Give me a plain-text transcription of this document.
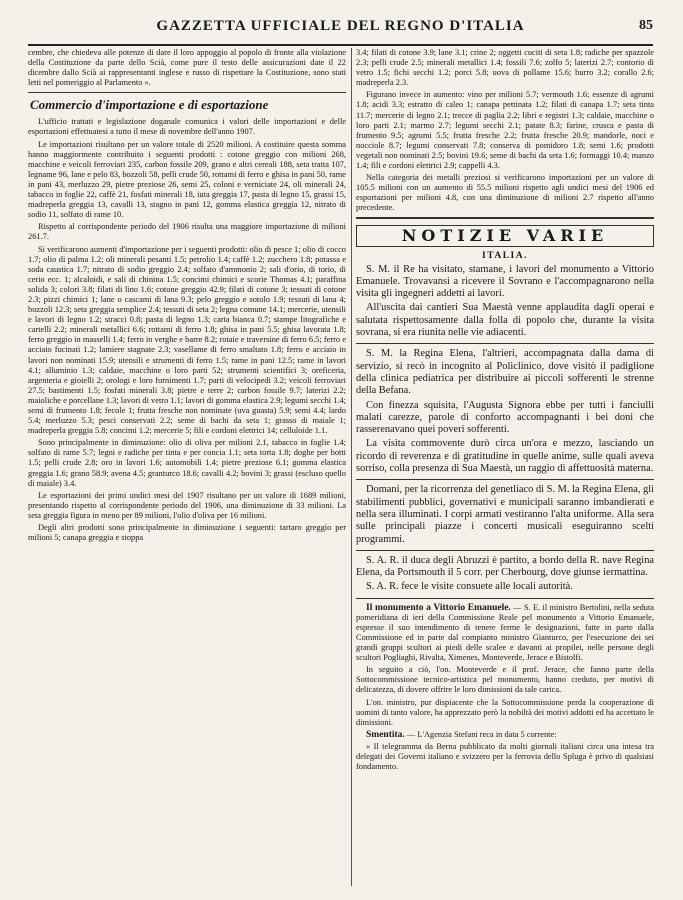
GAZZETTA UFFICIALE DEL REGNO D'ITALIA	85

cembre, che chiedeva alle potenze di dare il loro appoggio al popolo di fronte alla violazione della Costituzione da parte dello Scià, come pure il testo delle assicurazioni date il 22 dicembre dallo Scià ai rappresentanti inglese e russo di rispettare la Costituzione, sono stati letti nel pomeriggio al Parlamento ».

Commercio d'importazione e di esportazione

L'ufficio trattati e legislazione doganale comunica i valori delle importazioni e delle esportazioni effettuatesi a tutto il mese di novembre dell'anno 1907.

Le importazioni risultano per un valore totale di 2520 milioni. A costituire questa somma hanno maggiormente contribuito i seguenti prodotti : cotone greggio con milioni 268, macchine e veicoli ferroviari 235, carbon fossile 209, grano e altri cereali 188, seta tratta 107, legname 96, lane e pelo 83, bozzoli 58, pelli crude 50, rottami di ferro e ghisa in pani 50, rame in pani 43, merluzzo 29, pietre preziose 26, semi 25, coloni e verniciate 24, oli minerali 24, tabacco in foglie 22, caffè 21, fosfati minerali 18, iuta greggia 17, pasta di legno 15, grassi 15, madreperla greggia 13, cavalli 13, stagno in pani 12, gomma elastica greggia 12, nitrato di sodio 11, solfato di rame 10.

Rispetto al corrispondente periodo del 1906 risulta una maggiore importazione di milioni 261.7.

Si verificarono aumenti d'importazione per i seguenti prodotti: olio di pesce 1; olio di cocco 1.7; olio di palma 1.2; oli minerali pesanti 1.5; petrolio 1.4; caffè 1.2; zucchero 1.8; potassa e soda caustica 1.7; nitrato di sodio greggio 2.4; solfato d'ammonio 2; sali d'orio, di torio, di cerio ecc. 1; alcaloidi, e sali di chinina 1.5; concimi chimici e scorie Thomas 4.1; paraffina solida 3; colori 3.8; filati di lino 1.6; cotone greggio 42.9; filati di cotone 3; tessuti di cotone 2.3; pizzi chimici 1; lane o cascami di lana 9.3; pelo greggio e sotolo 1.9; tessuti di lana 4; bozzoli 12.3; seta greggia semplice 2.4; tessuti di seta 2; legna comune 14.1; mercerie, utensili e lavori di legno 1.2; stracci 0.8; pasta di legno 1.3; carta bianca 0.7; stampe litografiche e cartelli 2.2; minerali metallici 6.6; rottami di ferro 1.8; ghisa in pani 5.5; ghisa lavorata 1.8; ferro greggio in masselli 1.4; ferro in verghe e barre 8.2; rotaie e traversine di ferro 6.5; ferro e acciaio fucinati 1.2; lamiere stagnate 2.3; vasellame di ferro smaltato 1.8; ferro e acciaio in lavori non nominati 15.9; utensili e strumenti di ferro 1.5; rame in pani 12.5; rame in lavori 4.1; alluminio 1.3; caldaie, macchine o loro parti 52; strumenti scientifici 3; oreficeria, argenteria e gioielli 2; orologi e loro fornimenti 1.7; parti di velocipedi 3.2; veicoli ferroviari 27.5; bastimenti 1.5; fosfati minerali 3.8; pietre e terre 2; carbon fossile 9.7; laterizi 2.2; maioliche e porcellane 1.3; lavori di vetro 1.1; lavori di gomma elastica 2.9; legumi secchi 1.4; semi di frumento 1.8; fecole 1; frutta fresche non nominate (uva guasta) 5.9; semi 4.4; lardo 5.4; merluzzo 5.3; pesci conservati 2.2; seme di bachi da seta 1; grasso di maiale 1; madreperla greggia 5.8; concimi 1.2; mercerie 5; fili e cordoni elettrici 14; celluloide 1.1.

Sono principalmente in diminuzione: olio di oliva per milioni 2.1, tabacco in foglie 1.4; solfato di rame 5.7; legni e radiche per tinta e per concia 1.1; seta torta 1.8; doghe per botti 1.5; pelli crude 2.8; oro in lavori 1.6; automobili 1.4; pietre preziose 6.1; gomma elastica greggia 1.6; grano 58.9; avena 4.5; granturco 18.6; cavalli 4.2; bovini 3; grassi (escluso quello di maiale) 3.4.

Le esportazioni dei primi undici mesi del 1907 risultano per un valore di 1689 milioni, presentando rispetto al corrispondente periodo del 1906, una diminuzione di 33 milioni. La seta greggia figura in meno per 89 milioni, l'olio d'oliva per 16 milioni.

Degli altri prodotti sono principalmente in diminuzione i seguenti: tartaro greggio per milioni 5; canapa greggia e stoppa

3.4; filati di cotone 3.9; lane 3.1; crine 2; oggetti cuciti di seta 1.8; radiche per spazzole 2.3; pelli crude 2.5; minerali metallici 1.4; fossili 7.6; zolfo 5; laterizi 2.7; contorio di vetro 1.5; fichi secchi 1.2; porci 5.8; uova di pollame 15.6; burro 3.2; corallo 2.6; madreperla 2.3.

Figurano invece in aumento: vino per milioni 5.7; vermouth 1.6; essenze di agrumi 1.8; acidi 3.3; estratto di caleo 1; canapa pettinata 1.2; filati di canapa 1.7; seta tinta 11.7; mercerie di legno 2.1; trecce di paglia 2.2; libri e registri 1.3; caldaie, macchine o loro parti 2.1; marmo 2.7; legumi secchi 2.1; patate 8.3; farine, crusca e pasta di frumento 9.5; agrumi 5.5; frutta fresche 2.2; frutta fresche 20.9; mandorle, noci e nocciole 8.7; legumi conservati 7.8; conserva di pomidoro 1.8; semi 1.6; prodotti vegetali non nominati 2.5; bovini 19.6; seme di bachi da seta 1.6; formaggi 10.4; manzo 1.4; fili e cordoni elettrici 2.9; cappelli 4.3.

Nella categoria dei metalli preziosi si verificarono importazioni per un valore di 105.5 milioni con un aumento di 55.5 milioni rispetto agli undici mesi del 1906 ed esportazioni per milioni 4.8, con una diminuzione di milioni 2.7 rispetto all'anno precedente.

NOTIZIE VARIE
ITALIA.

S. M. il Re ha visitato, stamane, i lavori del monumento a Vittorio Emanuele. Trovavansi a ricevere il Sovrano e l'accompagnarono nella visita gli ingegneri addetti ai lavori.

All'uscita dai cantieri Sua Maestà venne applaudita dagli operai e salutata rispettosamente dalla folla di popolo che, durante la visita sovrana, si era riunita nelle vie adiacenti.

S. M. la Regina Elena, l'altrieri, accompagnata dalla dama di servizio, si recò in incognito al Policlinico, dove visitò il padiglione della clinica pediatrica per distribuire ai piccoli sofferenti le strenne della Befana.

Con finezza squisita, l'Augusta Signora ebbe per tutti i fanciulli malati carezze, parole di conforto accompagnanti i bei doni che rasserenavano quei poveri sofferenti.

La visita commovente durò circa un'ora e mezzo, lasciando un ricordo di reverenza e di gratitudine in quelle anime, sulle quali aveva sorriso, colla presenza di Sua Maestà, un raggio di affettuosità materna.

Domani, per la ricorrenza del genetliaco di S. M. la Regina Elena, gli stabilimenti pubblici, governativi e municipali saranno imbandierati e nella sera illuminati. I corpi armati vestiranno l'alta uniforme. Alla sera sulle principali piazze i concerti musicali eseguiranno scelti programmi.

S. A. R. il duca degli Abruzzi è partito, a bordo della R. nave Regina Elena, da Portsmouth il 5 corr. per Cherbourg, dove giunse iermattina.

S. A. R. fece le visite consuete alle locali autorità.

Il monumento a Vittorio Emanuele. — S. E. il ministro Bertolini, nella seduta pomeridiana di ieri della Commissione Reale pel monumento a Vittorio Emanuele, espresse il suo intendimento di tenere ferme le designazioni, fatte in parte dalla Commissione ed in parte dal compianto ministro Gianturco, per l'esecuzione dei sei grandi gruppi scultori ai piedi delle scalee e davanti ai propilei, nelle persone degli scultori Pogliaghi, Rivalta, Ximenes, Monteverde, Jerace e Bistolfi.

In seguito a ciò, l'on. Monteverde e il prof. Jerace, che fanno parte della Sottocommissione tecnico-artistica pel monumento, hanno creduto, per motivi di delicatezza, di dovere offrire le loro dimissioni da tale carica.

L'on. ministro, pur dispiacente che la Sottocommissione perda la cooperazione di uomini di tanto valore, ha apprezzato però la nobiltà dei motivi addotti ed ha accettato le dimissioni.

Smentita. — L'Agenzia Stefani reca in data 5 corrente:

« Il telegramma da Berna pubblicato da molti giornali italiani circa una intesa tra delegati dei Governi italiano e svizzero per la ferrovia dello Spluga è privo di qualsiasi fondamento.
